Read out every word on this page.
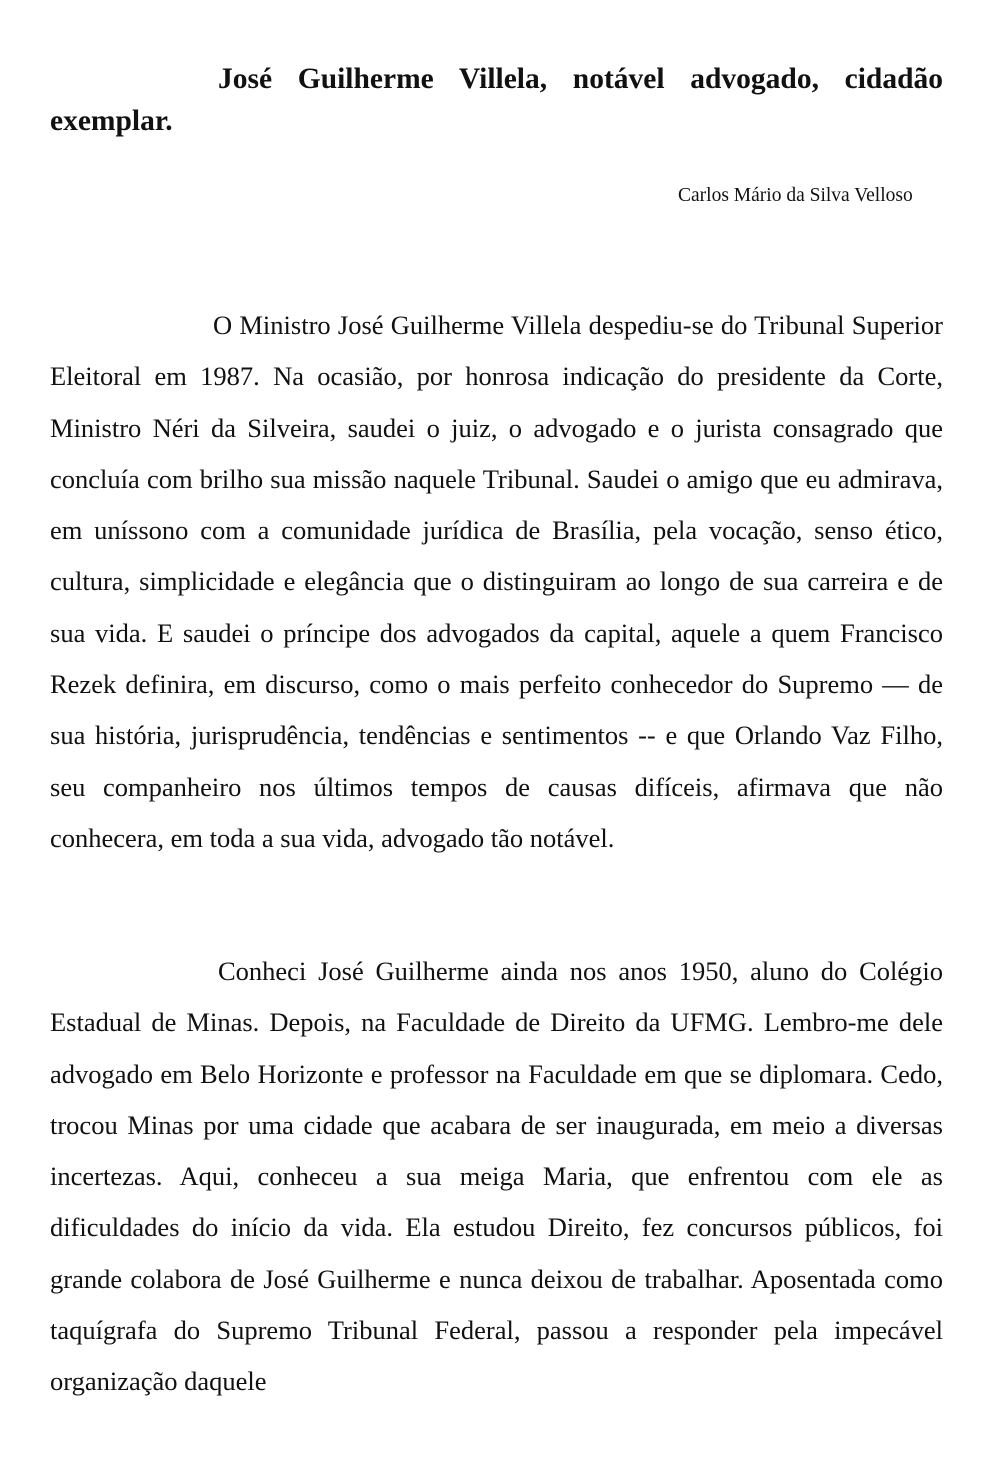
José Guilherme Villela, notável advogado, cidadão exemplar.
Carlos Mário da Silva Velloso

O Ministro José Guilherme Villela despediu-se do Tribunal Superior Eleitoral em 1987. Na ocasião, por honrosa indicação do presidente da Corte, Ministro Néri da Silveira, saudei o juiz, o advogado e o jurista consagrado que concluía com brilho sua missão naquele Tribunal. Saudei o amigo que eu admirava, em uníssono com a comunidade jurídica de Brasília, pela vocação, senso ético, cultura, simplicidade e elegância que o distinguiram ao longo de sua carreira e de sua vida. E saudei o príncipe dos advogados da capital, aquele a quem Francisco Rezek definira, em discurso, como o mais perfeito conhecedor do Supremo — de sua história, jurisprudência, tendências e sentimentos -- e que Orlando Vaz Filho, seu companheiro nos últimos tempos de causas difíceis, afirmava que não conhecera, em toda a sua vida, advogado tão notável.

Conheci José Guilherme ainda nos anos 1950, aluno do Colégio Estadual de Minas. Depois, na Faculdade de Direito da UFMG. Lembro-me dele advogado em Belo Horizonte e professor na Faculdade em que se diplomara. Cedo, trocou Minas por uma cidade que acabara de ser inaugurada, em meio a diversas incertezas. Aqui, conheceu a sua meiga Maria, que enfrentou com ele as dificuldades do início da vida. Ela estudou Direito, fez concursos públicos, foi grande colabora de José Guilherme e nunca deixou de trabalhar. Aposentada como taquígrafa do Supremo Tribunal Federal, passou a responder pela impecável organização daquele
